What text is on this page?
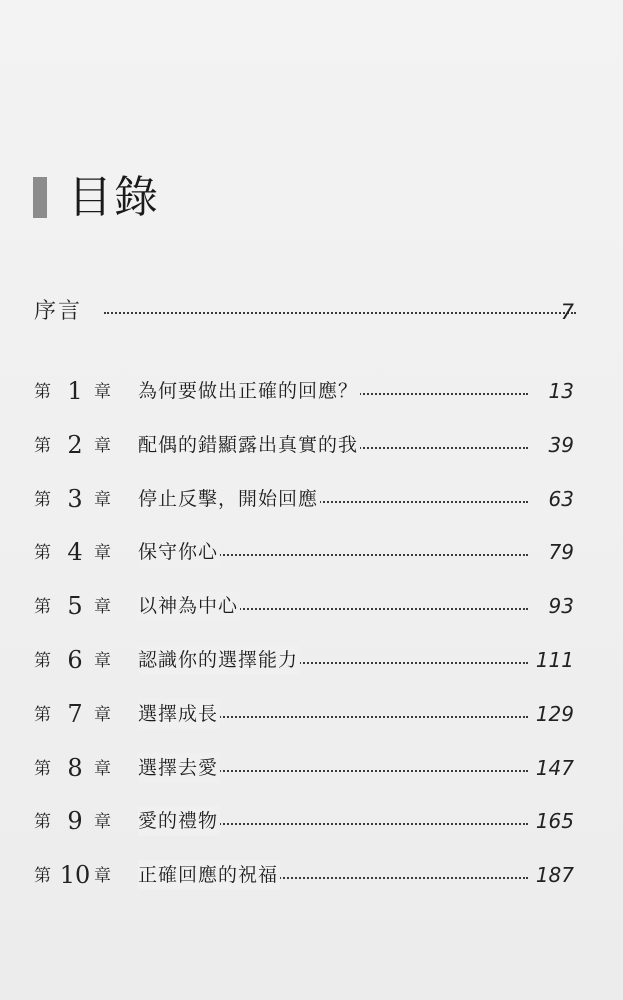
目錄
序言	7
第 1 章 為何要做出正確的回應？	13
第 2 章 配偶的錯顯露出真實的我	39
第 3 章 停止反擊，開始回應	63
第 4 章 保守你心	79
第 5 章 以神為中心	93
第 6 章 認識你的選擇能力	111
第 7 章 選擇成長	129
第 8 章 選擇去愛	147
第 9 章 愛的禮物	165
第 10 章 正確回應的祝福	187
